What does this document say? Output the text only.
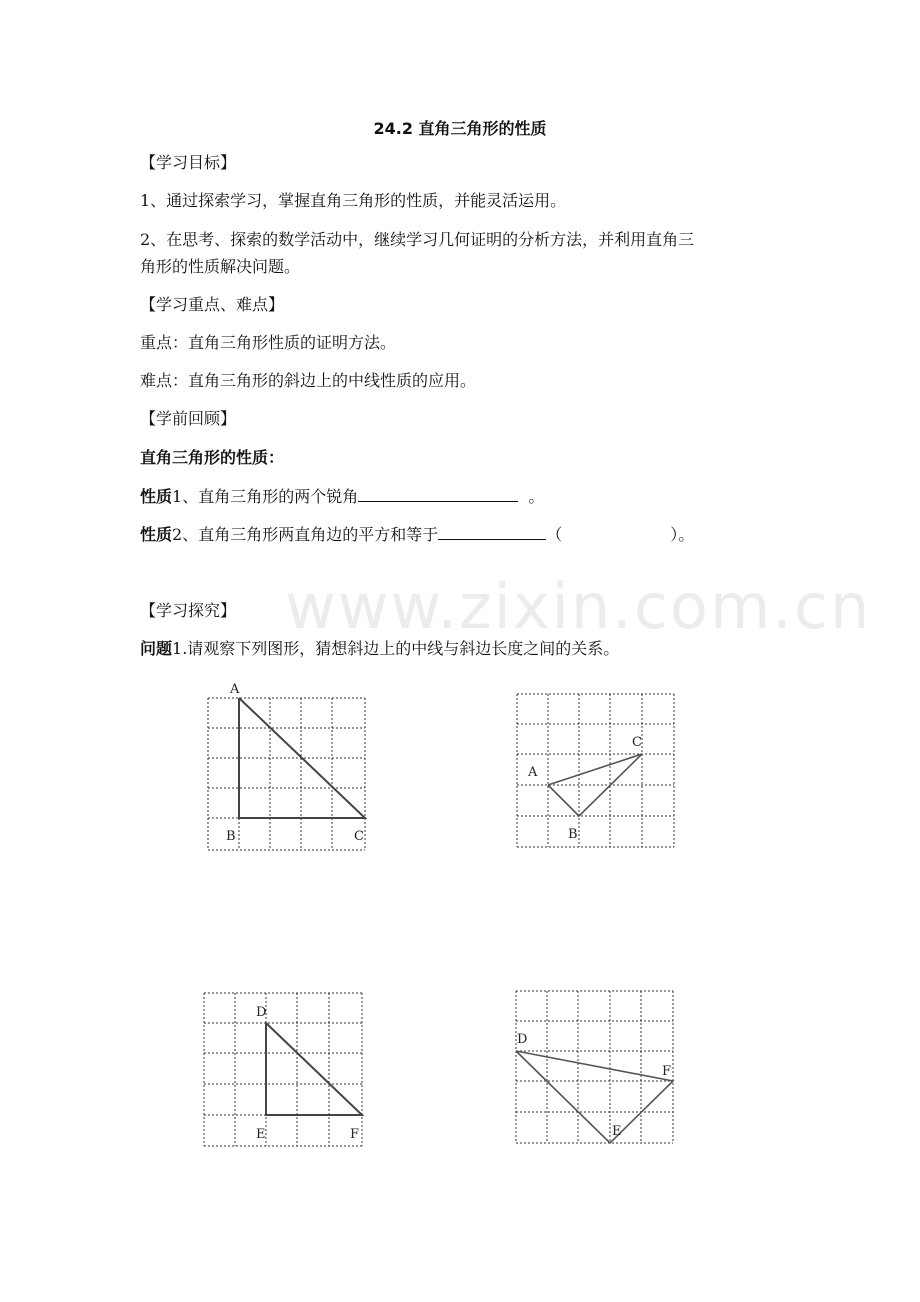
www.zixin.com.cn
24.2 直角三角形的性质
【学习目标】
1、通过探索学习，掌握直角三角形的性质，并能灵活运用。
2、在思考、探索的数学活动中，继续学习几何证明的分析方法，并利用直角三
角形的性质解决问题。
【学习重点、难点】
重点：直角三角形性质的证明方法。
难点：直角三角形的斜边上的中线性质的应用。
【学前回顾】
直角三角形的性质：
性质1、直角三角形的两个锐角	。
性质2、直角三角形两直角边的平方和等于	（	）。
【学习探究】
问题1.请观察下列图形，猜想斜边上的中线与斜边长度之间的关系。
A
B	C
A
B
C
D
E	F
D
E
F
